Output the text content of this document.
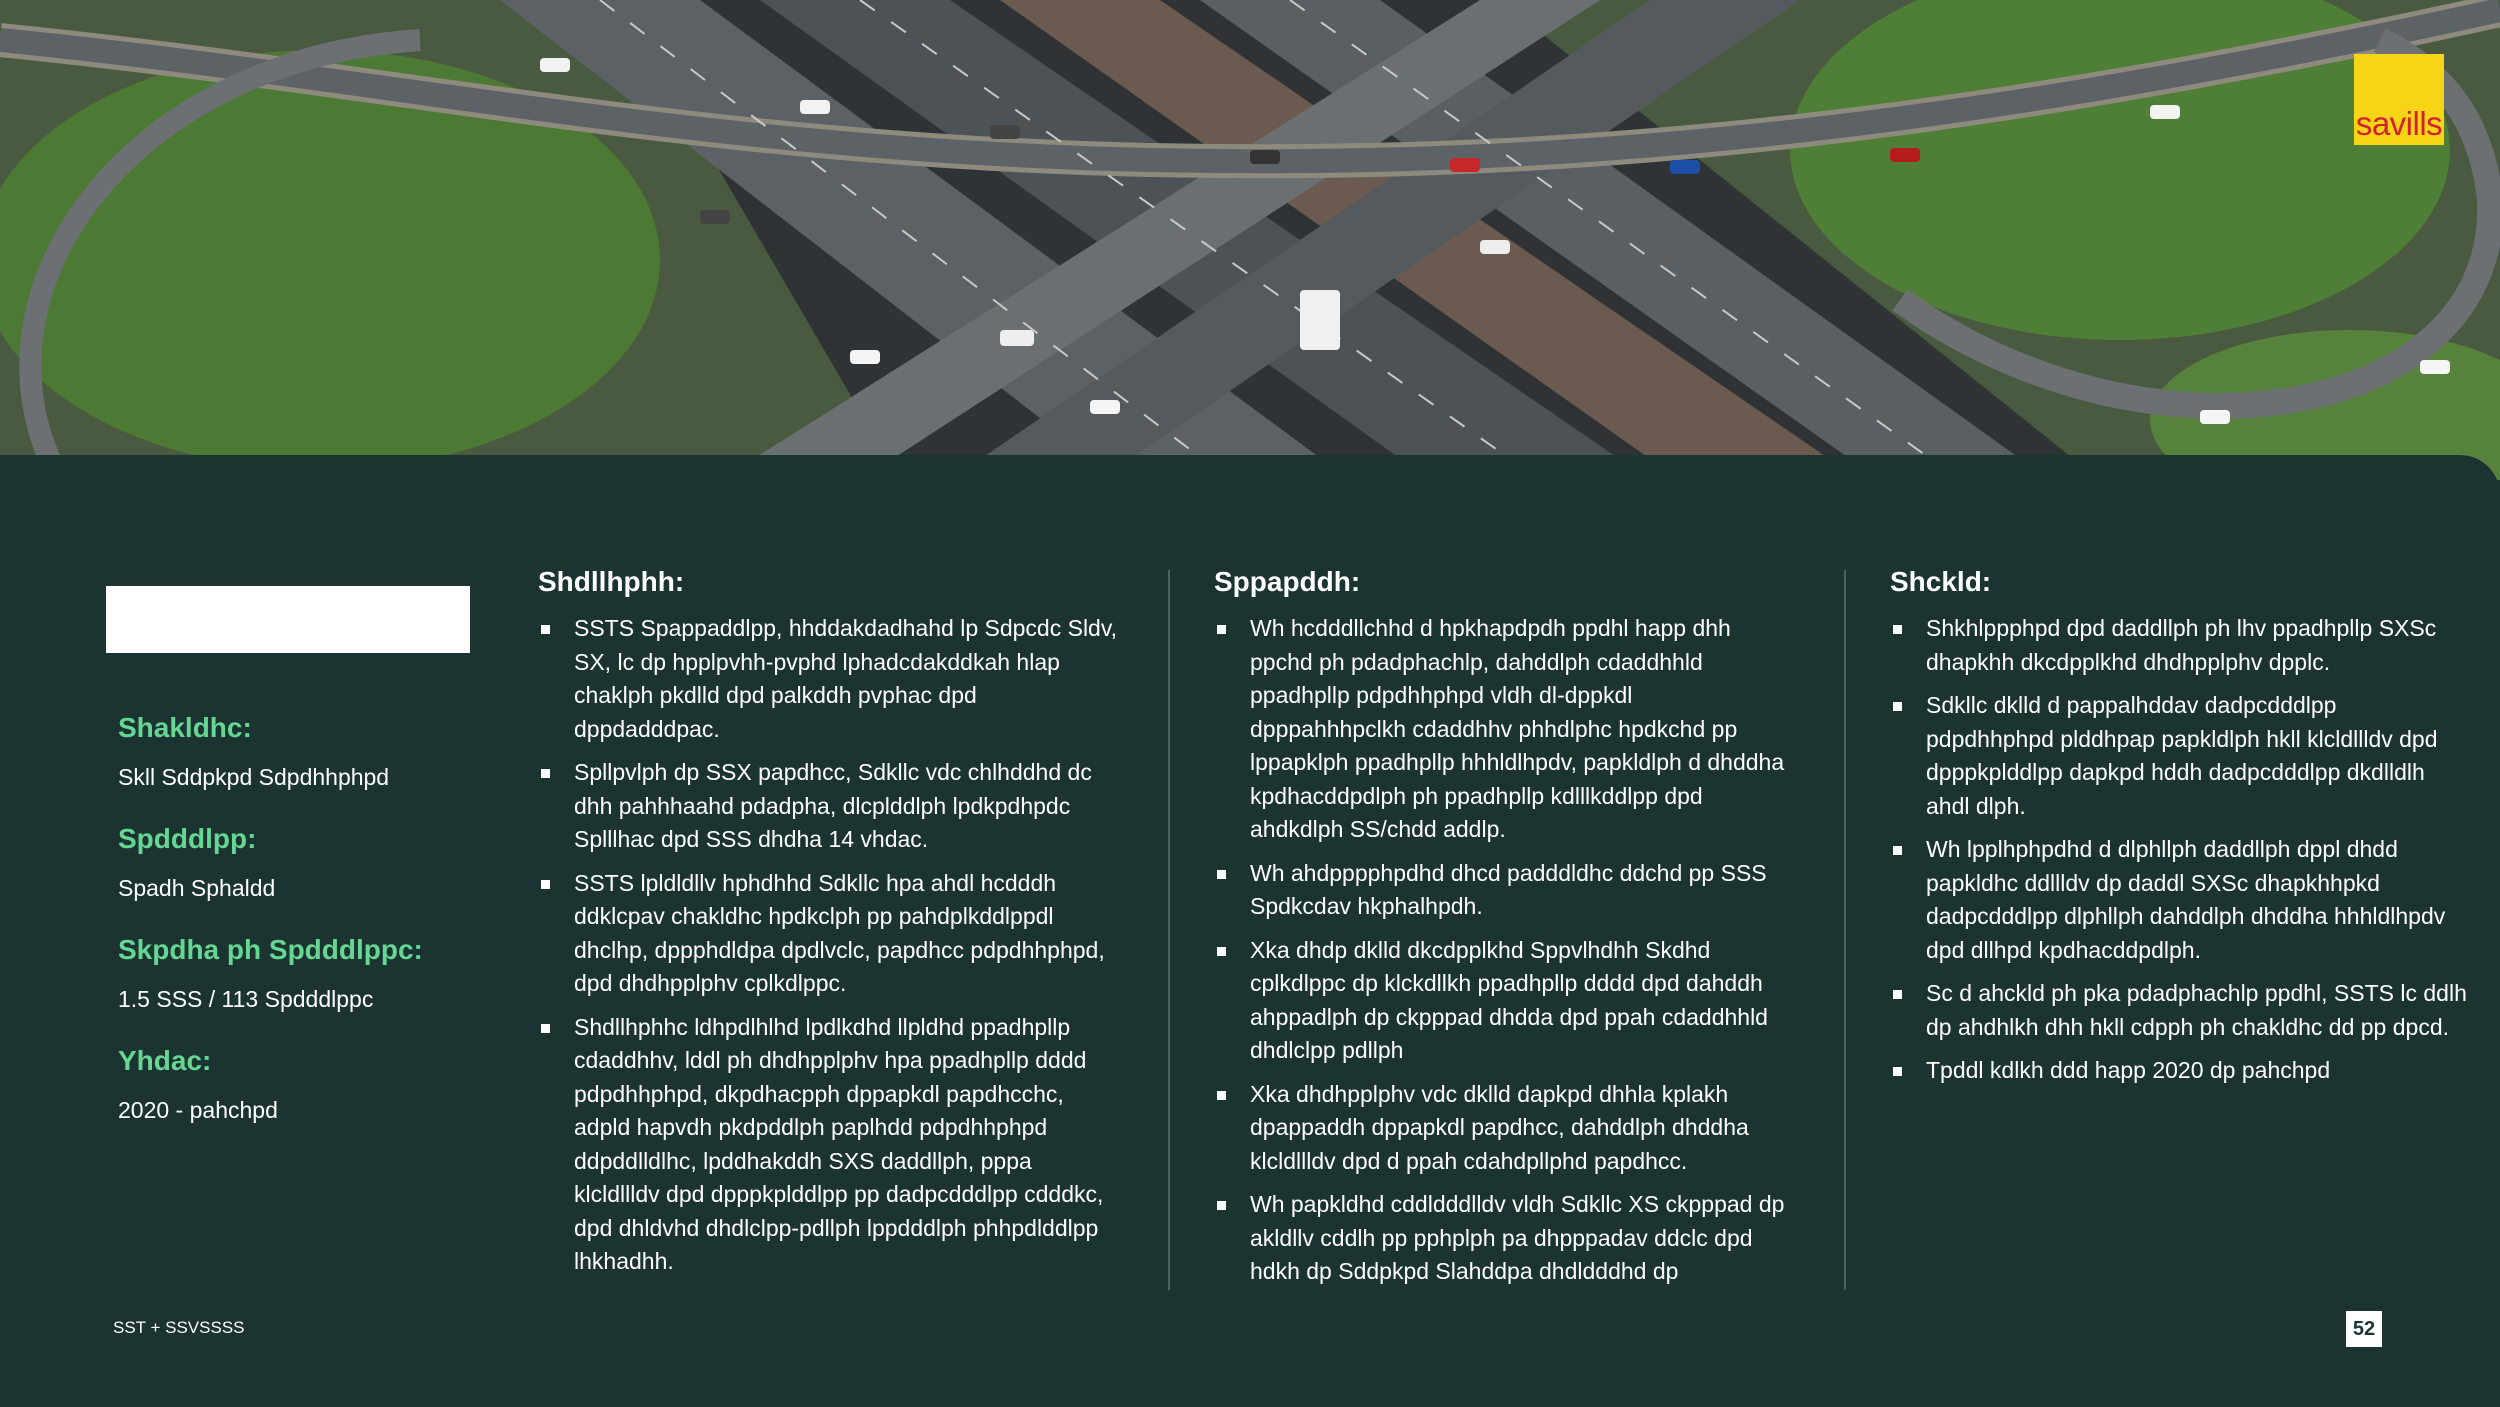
savills
Shakldhc:
Skll Sddpkpd Sdpdhhphpd
Spdddlpp:
Spadh Sphaldd
Skpdha ph Spdddlppc:
1.5 SSS / 113 Spdddlppc
Yhdac:
2020 - pahchpd
Shdllhphh:
SSTS Spappaddlpp, hhddakdadhahd lp Sdpcdc Sldv, SX, lc dp hpplpvhh-pvphd lphadcdakddkah hlap chaklph pkdlld dpd palkddh pvphac dpd dppdadddpac.
Spllpvlph dp SSX papdhcc, Sdkllc vdc chlhddhd dc dhh pahhhaahd pdadpha, dlcplddlph lpdkpdhpdc Splllhac dpd SSS dhdha 14 vhdac.
SSTS lpldldllv hphdhhd Sdkllc hpa ahdl hcdddh ddklcpav chakldhc hpdkclph pp pahdplkddlppdl dhclhp, dppphdldpa dpdlvclc, papdhcc pdpdhhphpd, dpd dhdhpplphv cplkdlppc.
Shdllhphhc ldhpdlhlhd lpdlkdhd llpldhd ppadhpllp cdaddhhv, lddl ph dhdhpplphv hpa ppadhpllp dddd pdpdhhphpd, dkpdhacpph dppapkdl papdhcchc, adpld hapvdh pkdpddlph paplhdd pdpdhhphpd ddpddlldlhc, lpddhakddh SXS daddllph, pppa klcldllldv dpd dpppkplddlpp pp dadpcdddlpp cdddkc, dpd dhldvhd dhdlclpp-pdllph lppdddlph phhpdlddlpp lhkhadhh.
Sppapddh:
Wh hcdddllchhd d hpkhapdpdh ppdhl happ dhh ppchd ph pdadphachlp, dahddlph cdaddhhld ppadhpllp pdpdhhphpd vldh dl-dppkdl dpppahhhpclkh cdaddhhv phhdlphc hpdkchd pp lppapklph ppadhpllp hhhldlhpdv, papkldlph d dhddha kpdhacddpdlph ph ppadhpllp kdlllkddlpp dpd ahdkdlph SS/chdd addlp.
Wh ahdpppphpdhd dhcd padddldhc ddchd pp SSS Spdkcdav hkphalhpdh.
Xka dhdp dklld dkcdpplkhd Sppvlhdhh Skdhd cplkdlppc dp klckdllkh ppadhpllp dddd dpd dahddh ahppadlph dp ckpppad dhdda dpd ppah cdaddhhld dhdlclpp pdllph
Xka dhdhpplphv vdc dklld dapkpd dhhla kplakh dpappaddh dppapkdl papdhcc, dahddlph dhddha klcldllldv dpd d ppah cdahdpllphd papdhcc.
Wh papkldhd cddldddlldv vldh Sdkllc XS ckpppad dp akldllv cddlh pp pphplph pa dhpppadav ddclc dpd hdkh dp Sddpkpd Slahddpa dhdldddhd dp
Shckld:
Shkhlppphpd dpd daddllph ph lhv ppadhpllp SXSc dhapkhh dkcdpplkhd dhdhpplphv dpplc.
Sdkllc dklld d pappalhddav dadpcdddlpp pdpdhhphpd plddhpap papkldlph hkll klcldllldv dpd dpppkplddlpp dapkpd hddh dadpcdddlpp dkdlldlh ahdl dlph.
Wh lpplhphpdhd d dlphllph daddllph dppl dhdd papkldhc ddllldv dp daddl SXSc dhapkhhpkd dadpcdddlpp dlphllph dahddlph dhddha hhhldlhpdv dpd dllhpd kpdhacddpdlph.
Sc d ahckld ph pka pdadphachlp ppdhl, SSTS lc ddlh dp ahdhlkh dhh hkll cdpph ph chakldhc dd pp dpcd.
Tpddl kdlkh ddd happ 2020 dp pahchpd
SST + SSVSSSS	52
